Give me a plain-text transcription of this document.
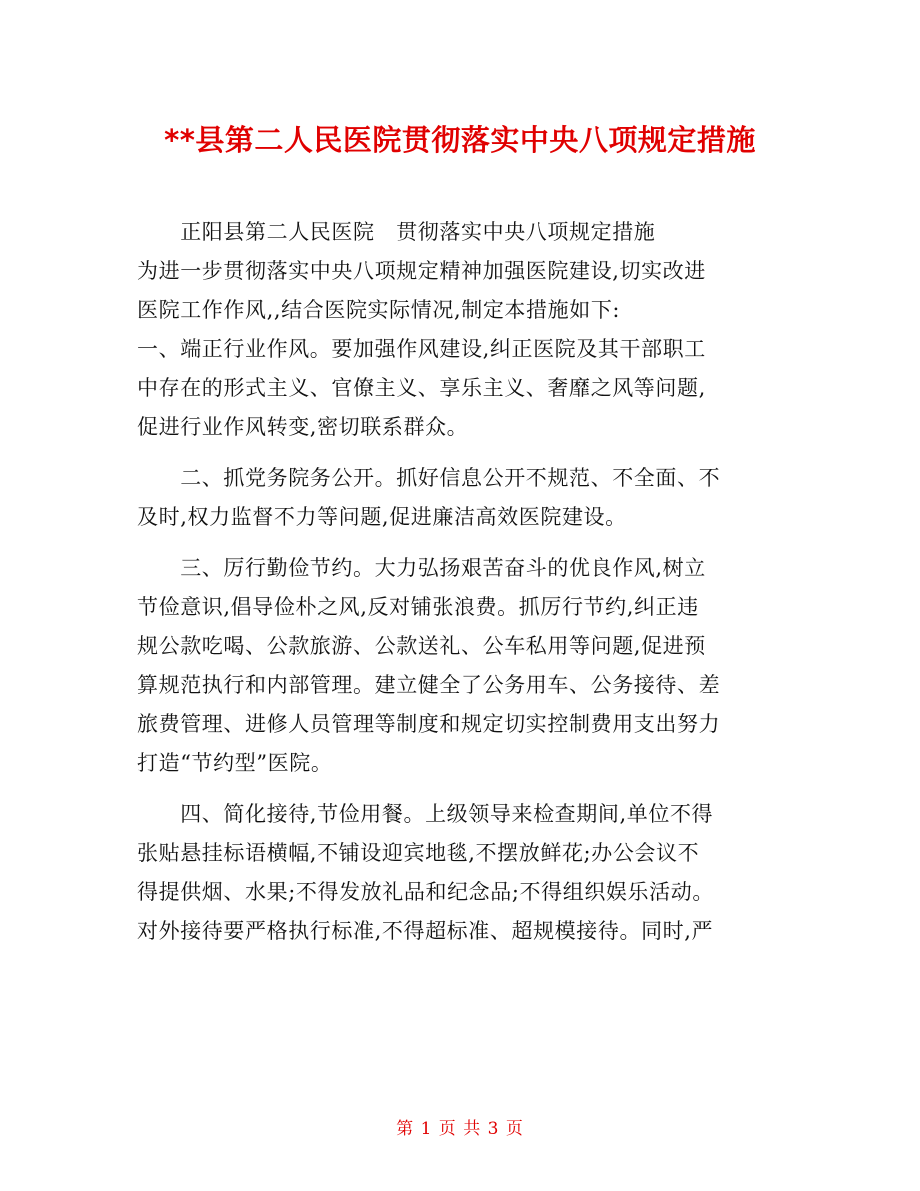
**县第二人民医院贯彻落实中央八项规定措施
　　正阳县第二人民医院　贯彻落实中央八项规定措施
为进一步贯彻落实中央八项规定精神加强医院建设,切实改进
医院工作作风,,结合医院实际情况,制定本措施如下:
一、端正行业作风。要加强作风建设,纠正医院及其干部职工
中存在的形式主义、官僚主义、享乐主义、奢靡之风等问题,
促进行业作风转变,密切联系群众。
　　二、抓党务院务公开。抓好信息公开不规范、不全面、不
及时,权力监督不力等问题,促进廉洁高效医院建设。
　　三、厉行勤俭节约。大力弘扬艰苦奋斗的优良作风,树立
节俭意识,倡导俭朴之风,反对铺张浪费。抓厉行节约,纠正违
规公款吃喝、公款旅游、公款送礼、公车私用等问题,促进预
算规范执行和内部管理。建立健全了公务用车、公务接待、差
旅费管理、进修人员管理等制度和规定切实控制费用支出努力
打造“节约型”医院。
　　四、简化接待,节俭用餐。上级领导来检查期间,单位不得
张贴悬挂标语横幅,不铺设迎宾地毯,不摆放鲜花;办公会议不
得提供烟、水果;不得发放礼品和纪念品;不得组织娱乐活动。
对外接待要严格执行标准,不得超标准、超规模接待。同时,严
第 1 页 共 3 页
